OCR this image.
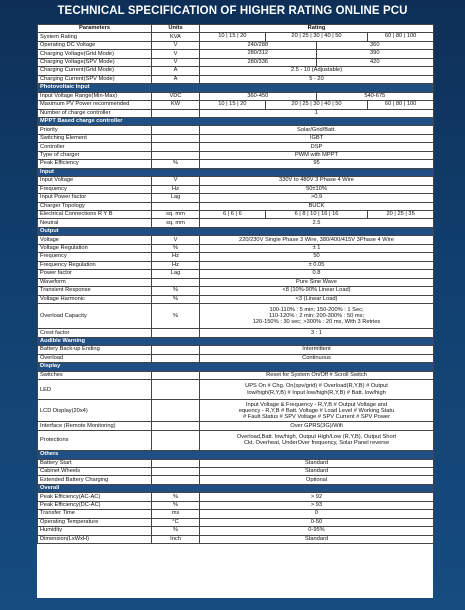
TECHNICAL SPECIFICATION OF HIGHER RATING ONLINE PCU
Parameters	Units	Rating
System Rating	KVA	10 | 15 | 20 20 | 25 | 30 | 40 | 50 60 | 80 | 100

Operating DC Voltage	V	240/288 360

Charging Voltage(Grid Mode)	V	280/312 390

Charging Voltage(SPV Mode)	V	280/336 420

Charging Current(Grid Mode)	A	2.5 - 10 (Adjustable)
Charging Current(SPV Mode)	A	5 - 20
Photovoltaic Input		
Input Voltage Range(Min-Max)	VDC	360-450 540-675

Maximum PV Power recommended	KW	10 | 15 | 20 20 | 25 | 30 | 40 | 50 60 | 80 | 100

Number of charge controller		1
MPPT Based charge controller		
Priority		Solar/Grid/Batt.
Switching Element		IGBT
Controller		DSP
Type of charger		PWM with MPPT
Peak Efficiency	%	95
Input		
Input Voltage	V	330V to 480V 3 Phase 4 Wire
Frequency	Hz	50±10%
Input Power factor	Lag	>0.9
Charger Topology		BUCK
Electrical Connections R Y B	sq. mm	6 | 6 | 6 6 | 8 | 10 | 16 | 16 20 | 25 | 35

Neutral	sq. mm	2.5
Output		
Voltage	V	220/230V Single Phase 3 Wire, 380/400/415V 3Phase 4 Wire
Voltage Regulation	%	± 1
Frequency	Hz	50
Frequency Regulation	Hz	± 0.05
Power factor	Lag	0.8
Waveform		Pure Sine Wave
Transient Response	%	<8 (10%-90% Linear Load)
Voltage Harmonic	%	<3 (Linear Load)
Overload Capacity	%	100-110% : 5 min; 150-200% : 1 Sec;
110-120% : 2 min; 200-300% : 50 ms;
120-150% : 30 sec; >300% : 20 ms, With 3 Retries

Crest factor		3 : 1
Audible Warning		
Battery Back-up Ending		Intermittent
Overload		Continuous
Display		
Switches		Reset for System On/Off # Scroll Switch
LED		UPS On # Chg. On(spv/grid) # Overload(R,Y,B) # Output
low/high(R,Y,B) # Input low/high(R,Y,B) # Batt. low/high

LCD Display(20x4)		Input Voltage & Frequency - R,Y,B # Output Voltage and
equency - R,Y,B # Batt. Voltage # Load Level # Working Statu
# Fault Status # SPV Voltage # SPV Current # SPV Power

Interface (Remote Monitoring)		Over GPRS(3G)/Wifi
Protections		Overload,Batt. low/high, Output High/Low (R,Y,B), Output Short
Ckt, Overheat, UnderOver frequency, Solar Panel reverse

Others		
Battery Start		Standard
Cabinet Wheels		Standard
Extended Battery Charging		Optional
Overall		
Peak Efficiency(AC-AC)	%	> 92
Peak Efficiency(DC-AC)	%	> 93
Transfer Time	ms	0
Operating Temperature	°C	0-50
Humidity	%	0-95%
Dimension(LxWxH)	Inch	Standard
